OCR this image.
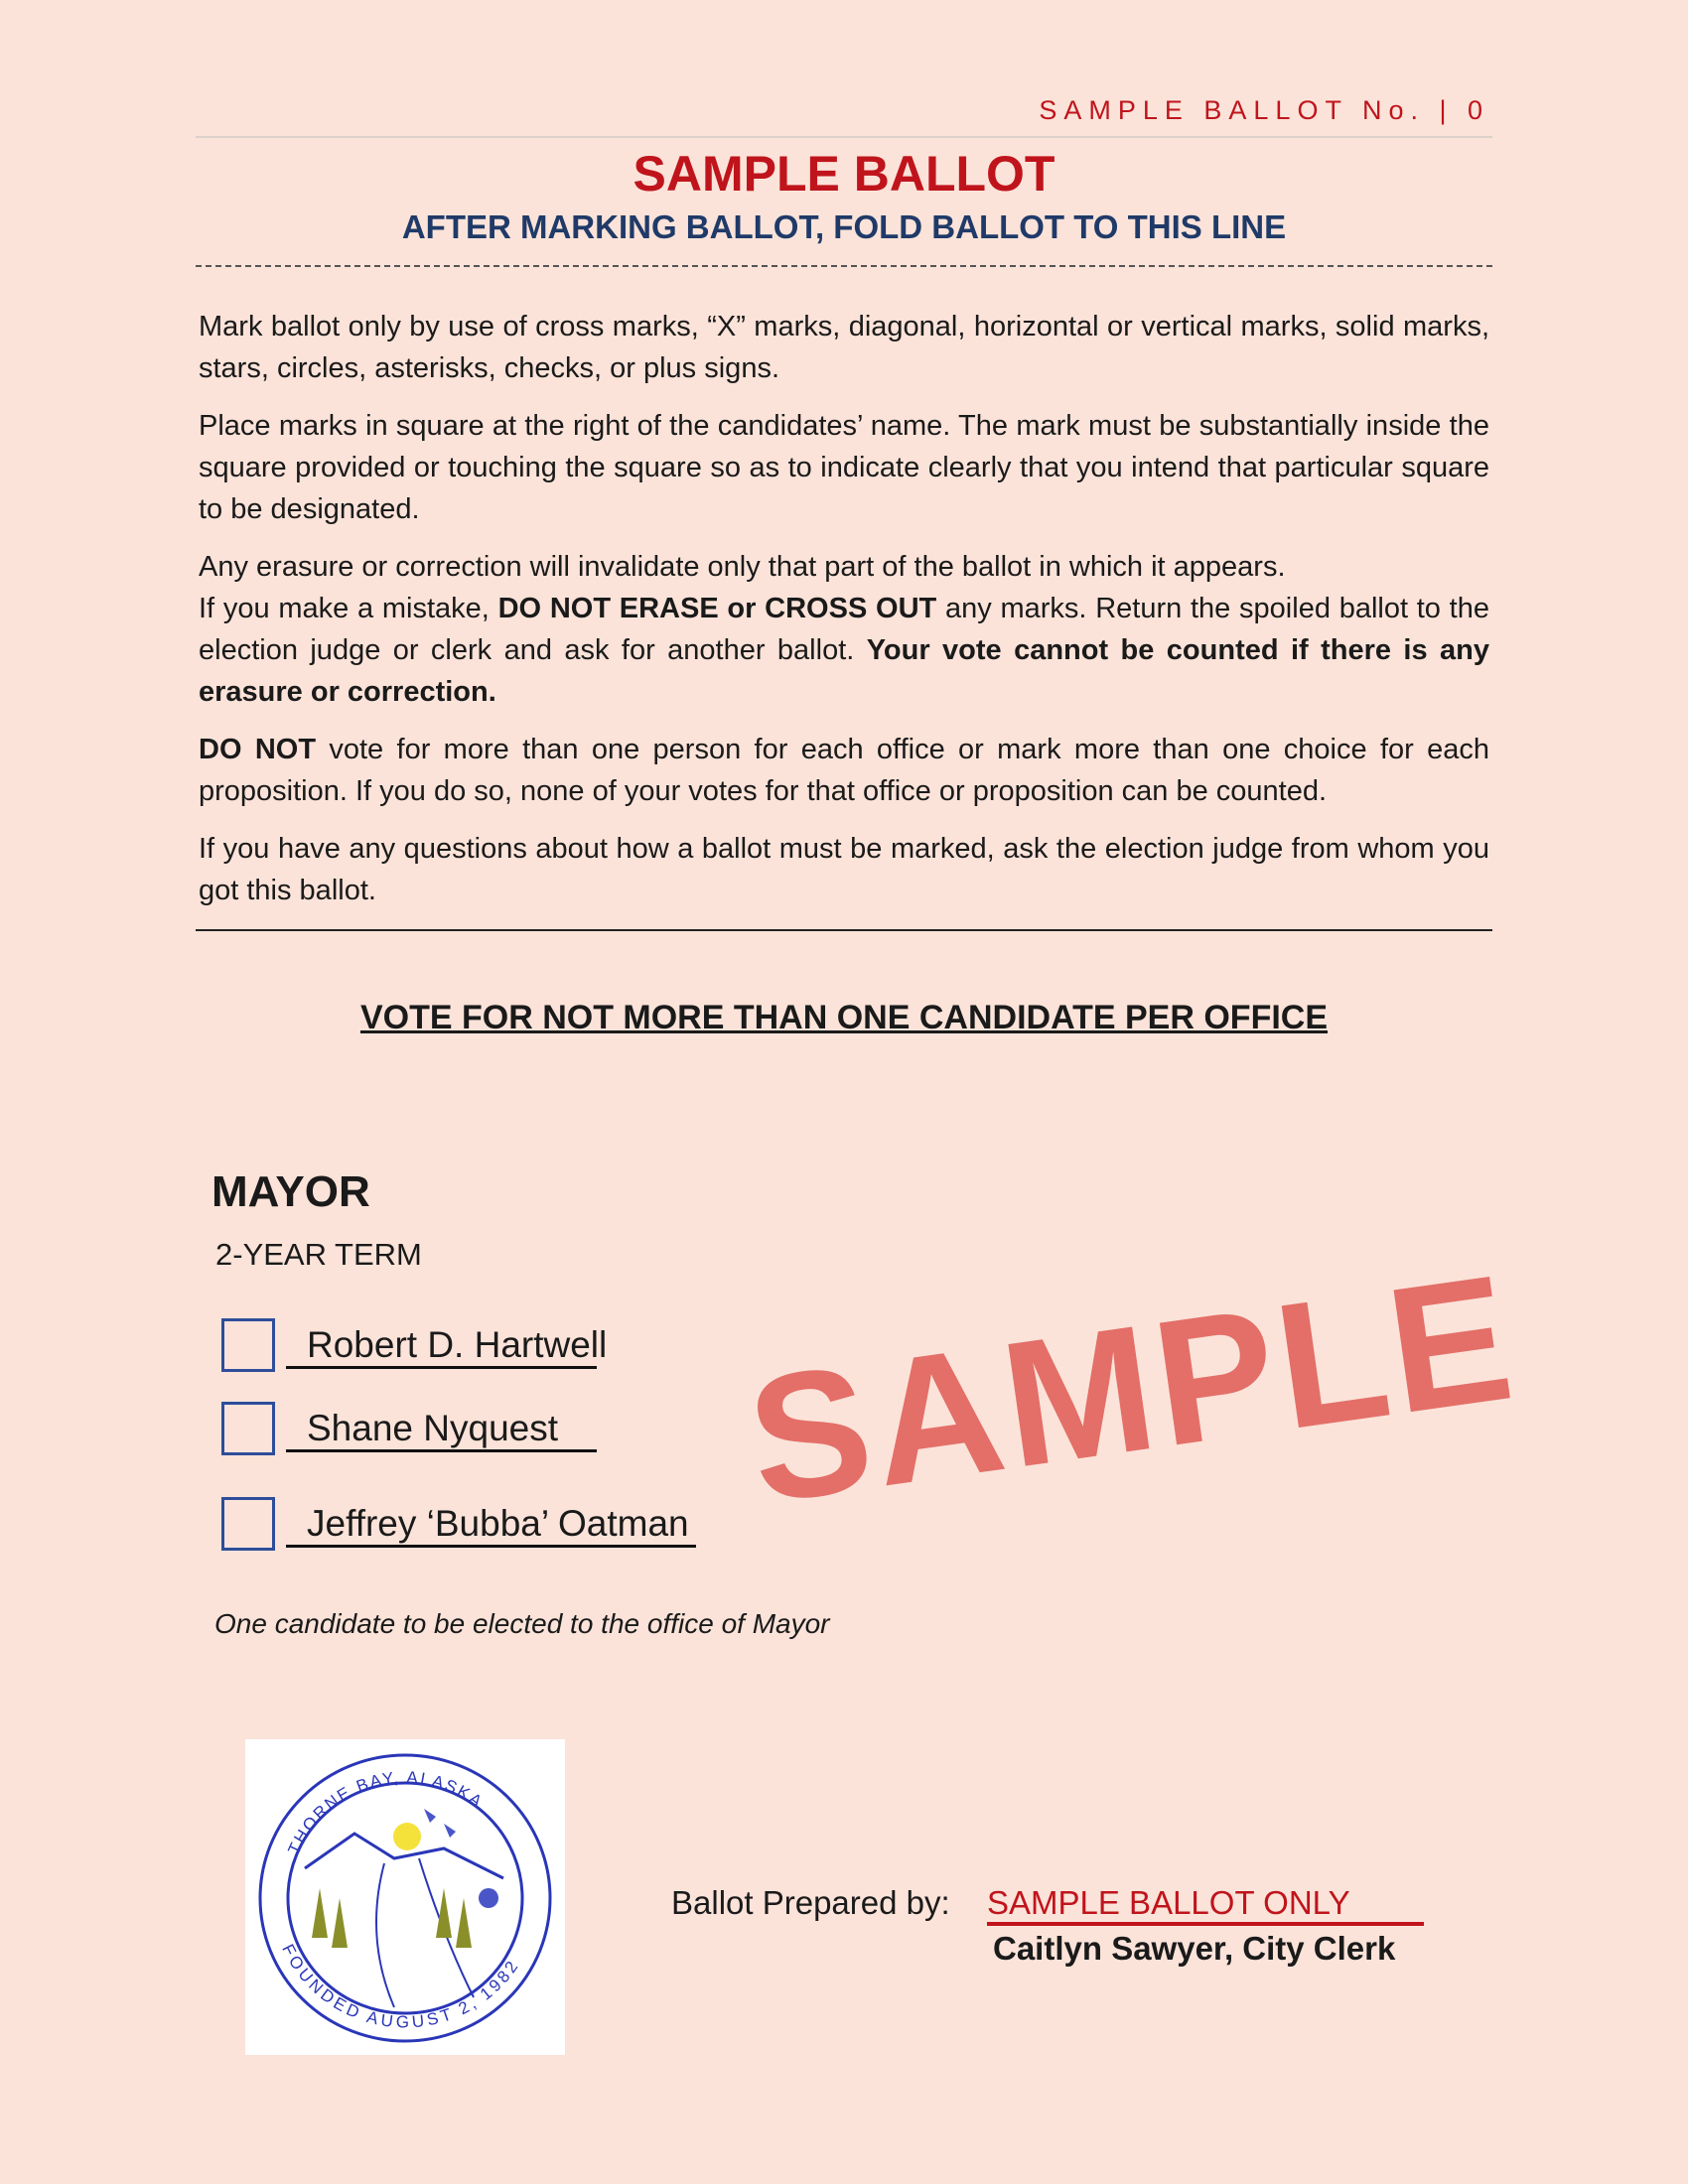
SAMPLE BALLOT No. | 0
SAMPLE BALLOT
AFTER MARKING BALLOT, FOLD BALLOT TO THIS LINE

Mark ballot only by use of cross marks, “X” marks, diagonal, horizontal or vertical marks, solid marks, stars, circles, asterisks, checks, or plus signs.

Place marks in square at the right of the candidates’ name. The mark must be substantially inside the square provided or touching the square so as to indicate clearly that you intend that particular square to be designated.

Any erasure or correction will invalidate only that part of the ballot in which it appears.
If you make a mistake, DO NOT ERASE or CROSS OUT any marks. Return the spoiled ballot to the election judge or clerk and ask for another ballot. Your vote cannot be counted if there is any erasure or correction.

DO NOT vote for more than one person for each office or mark more than one choice for each proposition. If you do so, none of your votes for that office or proposition can be counted.

If you have any questions about how a ballot must be marked, ask the election judge from whom you got this ballot.

VOTE FOR NOT MORE THAN ONE CANDIDATE PER OFFICE
MAYOR
2-YEAR TERM
Robert D. Hartwell
Shane Nyquest
Jeffrey ‘Bubba’ Oatman
One candidate to be elected to the office of Mayor
THORNE BAY, ALASKA
FOUNDED AUGUST 2, 1982
Ballot Prepared by: SAMPLE BALLOT ONLY
Caitlyn Sawyer, City Clerk
SAMPLE
